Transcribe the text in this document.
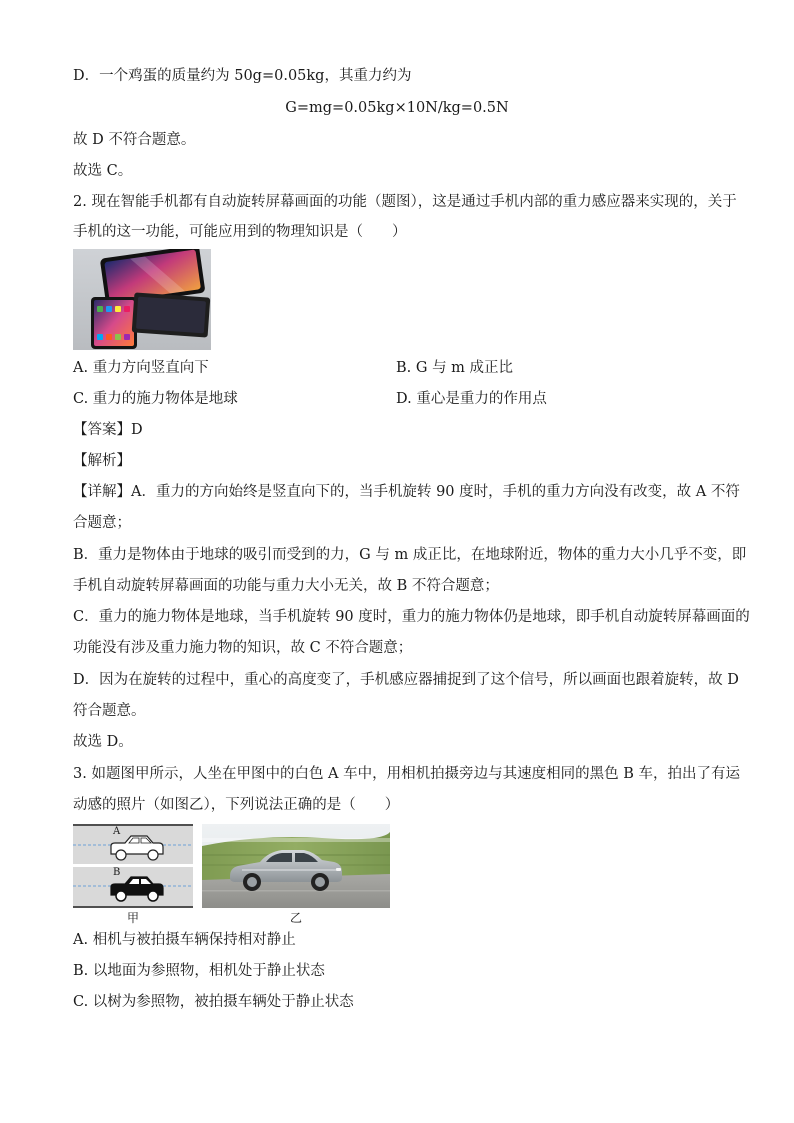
D．一个鸡蛋的质量约为 50g=0.05kg，其重力约为
G=mg=0.05kg×10N/kg=0.5N
故 D 不符合题意。
故选 C。
2. 现在智能手机都有自动旋转屏幕画面的功能（题图），这是通过手机内部的重力感应器来实现的，关于
手机的这一功能，可能应用到的物理知识是（　　）
A. 重力方向竖直向下	B. G 与 m 成正比
C. 重力的施力物体是地球	D. 重心是重力的作用点
【答案】D
【解析】
【详解】A．重力的方向始终是竖直向下的，当手机旋转 90 度时，手机的重力方向没有改变，故 A 不符
合题意；
B．重力是物体由于地球的吸引而受到的力，G 与 m 成正比，在地球附近，物体的重力大小几乎不变，即
手机自动旋转屏幕画面的功能与重力大小无关，故 B 不符合题意；
C．重力的施力物体是地球，当手机旋转 90 度时，重力的施力物体仍是地球，即手机自动旋转屏幕画面的
功能没有涉及重力施力物的知识，故 C 不符合题意；
D．因为在旋转的过程中，重心的高度变了，手机感应器捕捉到了这个信号，所以画面也跟着旋转，故 D
符合题意。
故选 D。
3. 如题图甲所示，人坐在甲图中的白色 A 车中，用相机拍摄旁边与其速度相同的黑色 B 车，拍出了有运
动感的照片（如图乙），下列说法正确的是（　　）
A
B
甲	乙
A. 相机与被拍摄车辆保持相对静止
B. 以地面为参照物，相机处于静止状态
C. 以树为参照物，被拍摄车辆处于静止状态
